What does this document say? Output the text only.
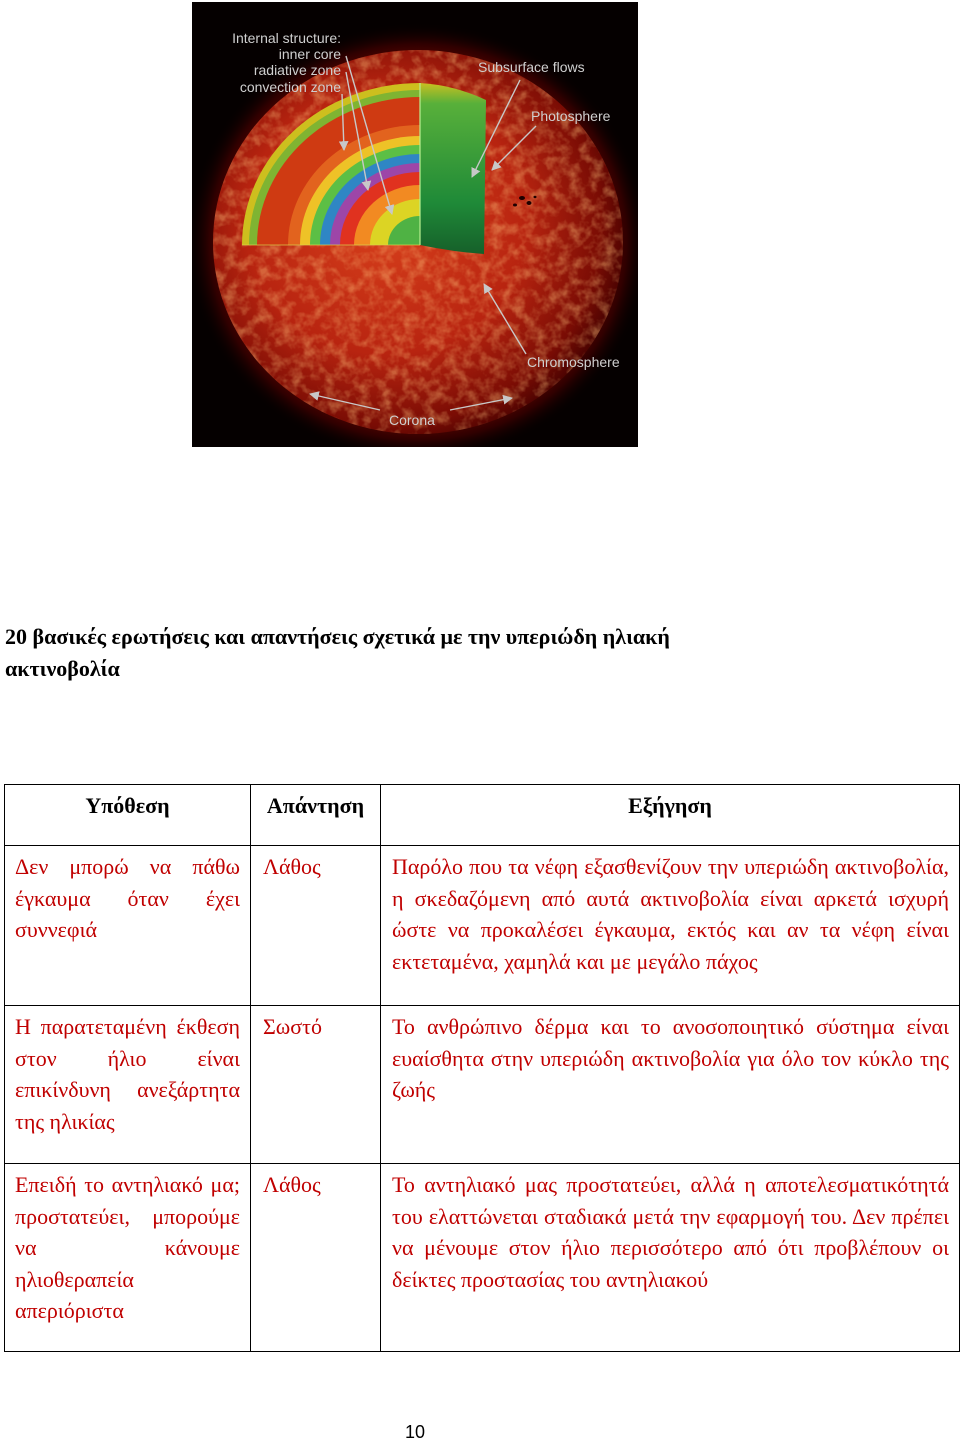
Internal structure:
inner core
radiative zone
convection zone
Subsurface flows
Photosphere
Chromosphere
Corona
20 βασικές ερωτήσεις και απαντήσεις σχετικά με την υπεριώδη ηλιακή ακτινοβολία
Υπόθεση	Απάντηση	Εξήγηση
Δεν μπορώ να πάθω έγκαυμα όταν έχει συννεφιά	Λάθος	Παρόλο που τα νέφη εξασθενίζουν την υπεριώδη ακτινοβολία, η σκεδαζόμενη από αυτά ακτινοβολία είναι αρκετά ισχυρή ώστε να προκαλέσει έγκαυμα, εκτός και αν τα νέφη είναι εκτεταμένα, χαμηλά και με μεγάλο πάχος
Η παρατεταμένη έκθεση στον ήλιο είναι επικίνδυνη ανεξάρτητα της ηλικίας	Σωστό	Το ανθρώπινο δέρμα και το ανοσοποιητικό σύστημα είναι ευαίσθητα στην υπεριώδη ακτινοβολία για όλο τον κύκλο της ζωής
Επειδή το αντηλιακό μα; προστατεύει, μπορούμε να κάνουμε ηλιοθεραπεία απεριόριστα	Λάθος	Το αντηλιακό μας προστατεύει, αλλά η αποτελεσματικότητά του ελαττώνεται σταδιακά μετά την εφαρμογή του. Δεν πρέπει να μένουμε στον ήλιο περισσότερο από ότι προβλέπουν οι δείκτες προστασίας του αντηλιακού
10
